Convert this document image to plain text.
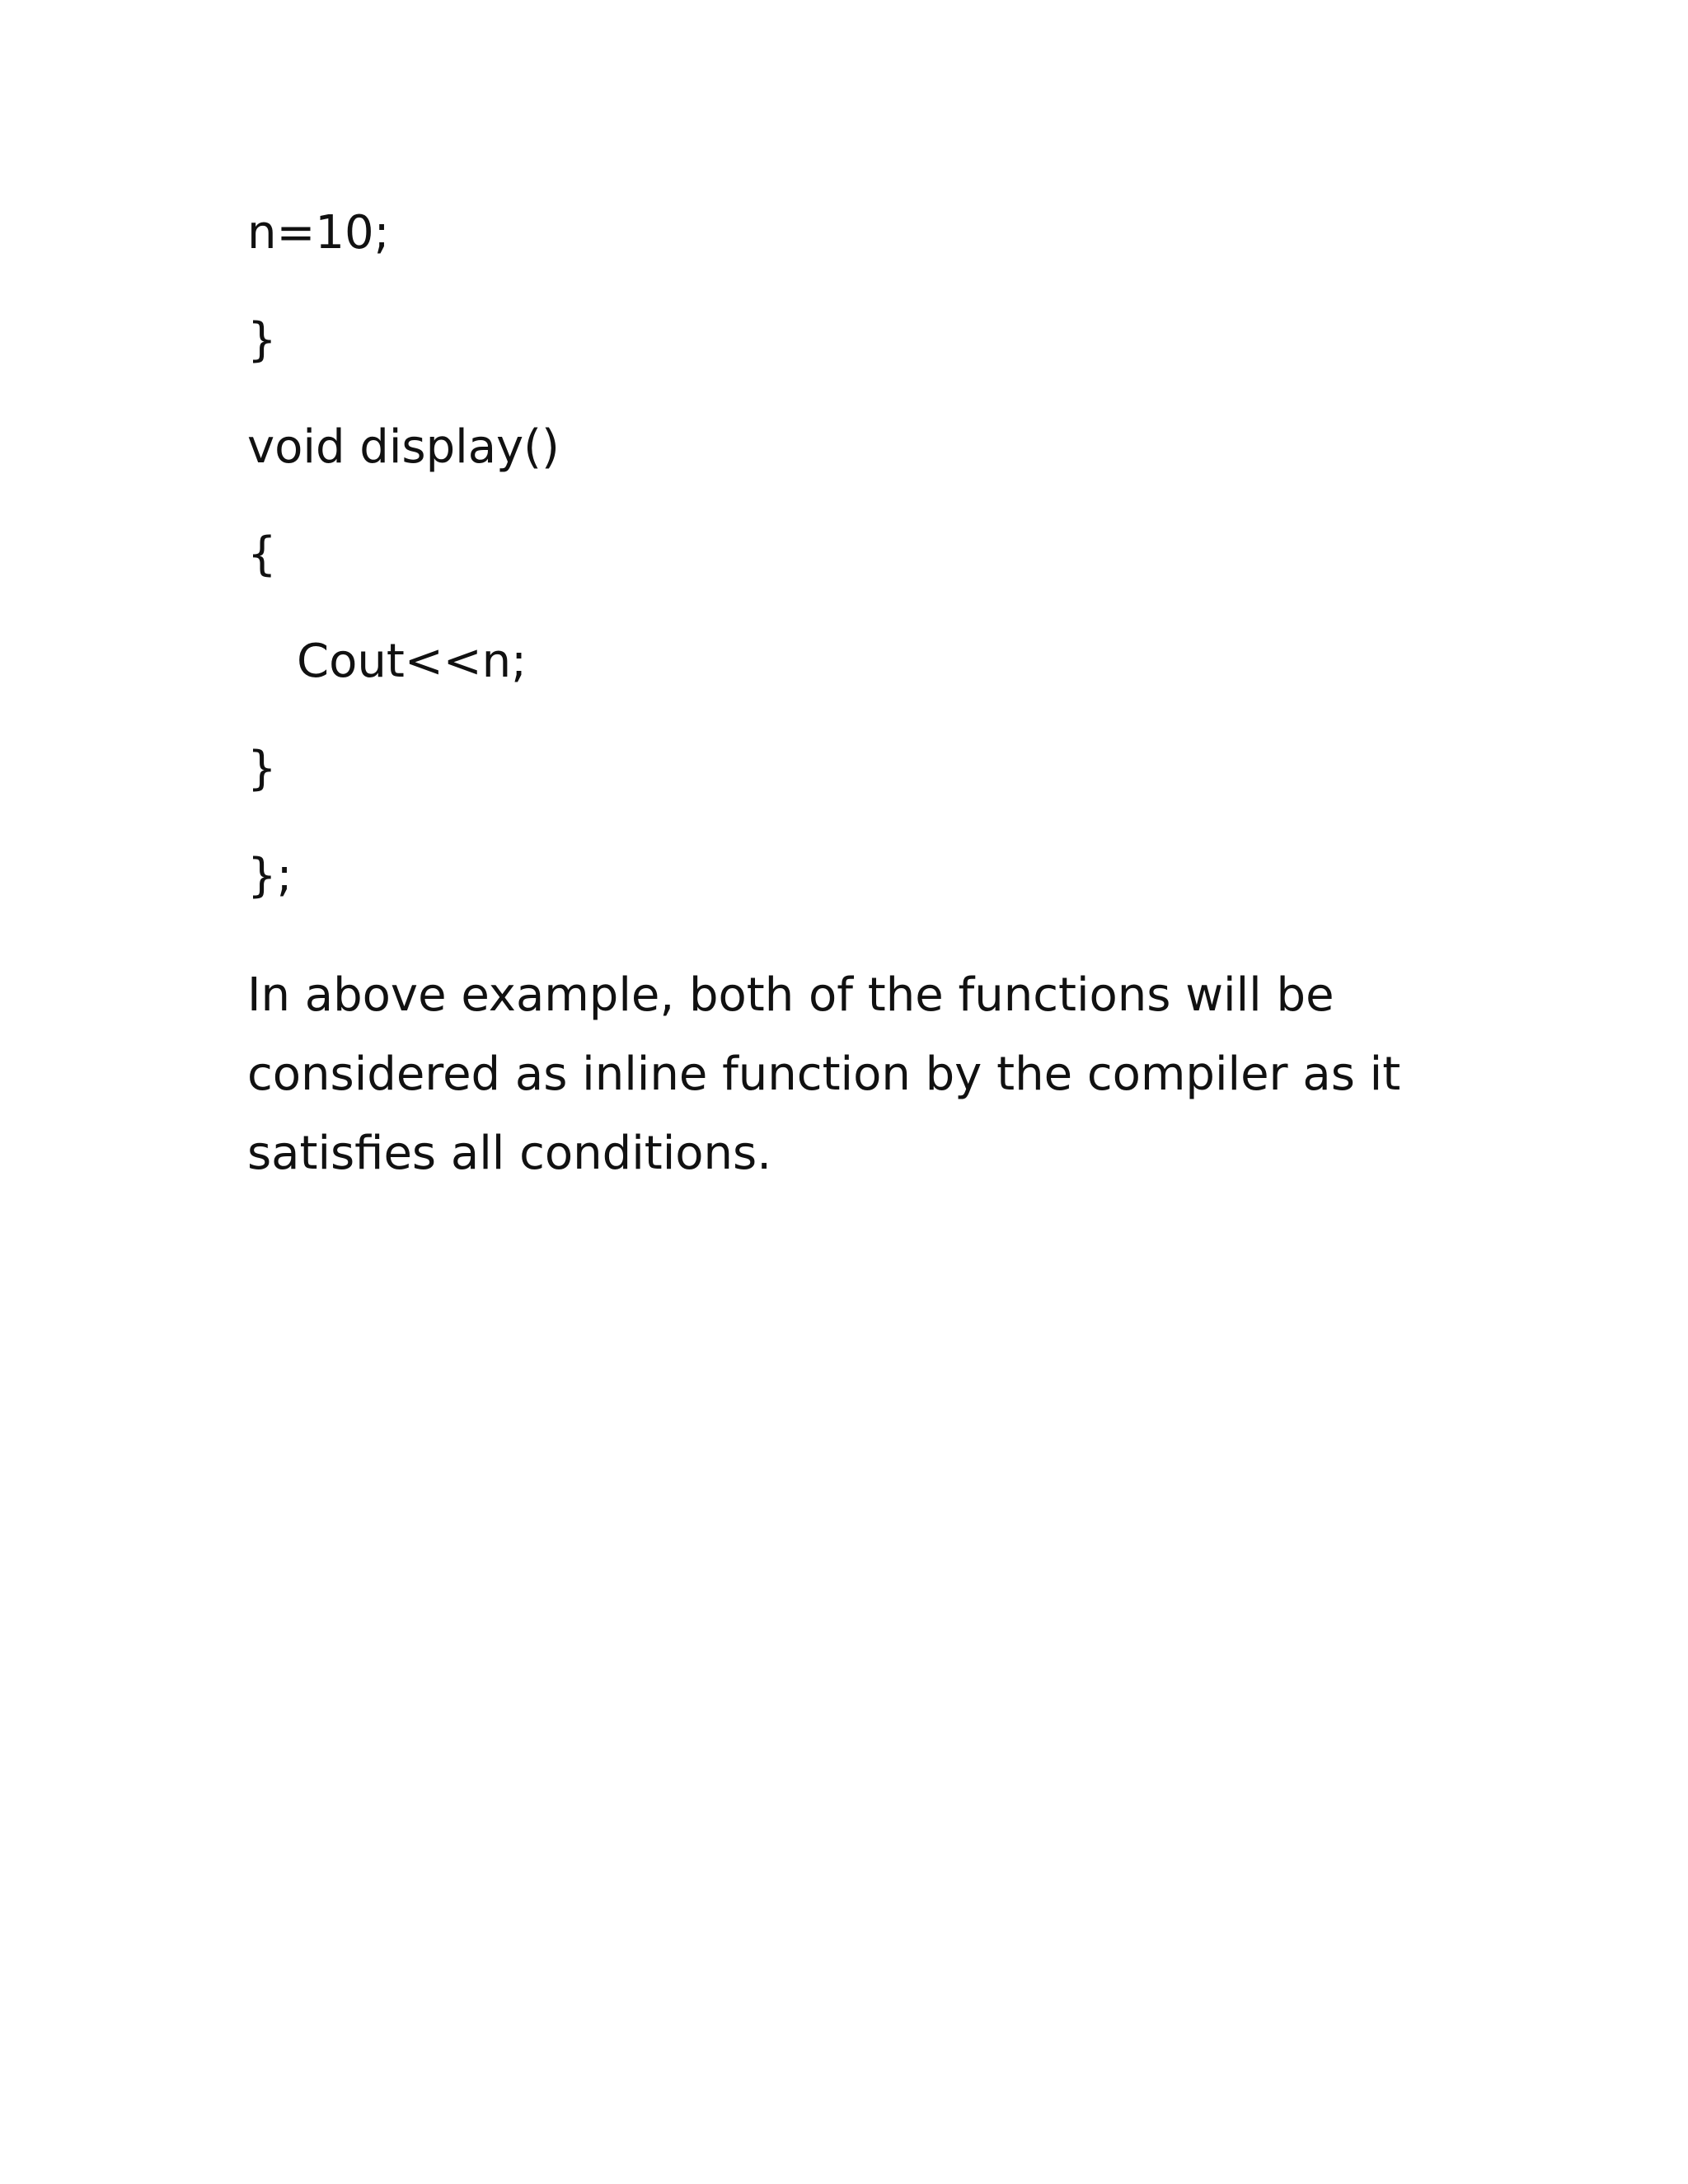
n=10;
}
void display()
{
Cout<<n;
}
};
In above example, both of the functions will be
considered as inline function by the compiler as it
satisfies all conditions.
